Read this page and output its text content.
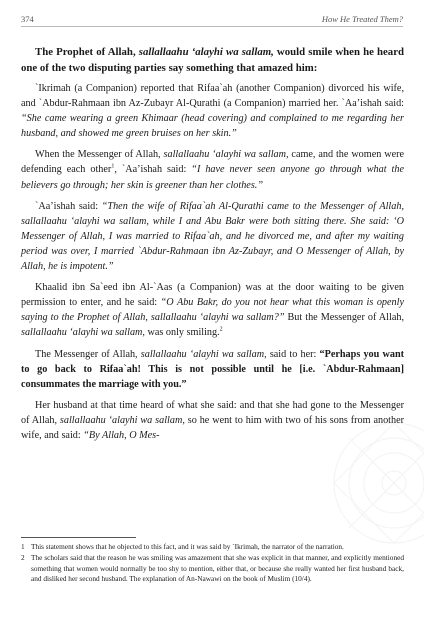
374	How He Treated Them?

The Prophet of Allah, sallallaahu ‘alayhi wa sallam, would smile when he heard one of the two disputing parties say something that amazed him:

`Ikrimah (a Companion) reported that Rifaa`ah (another Companion) divorced his wife, and `Abdur-Rahmaan ibn Az-Zubayr Al-Qurathi (a Companion) married her. `Aa’ishah said: “She came wearing a green Khimaar (head covering) and complained to me regarding her husband, and showed me green bruises on her skin.”

When the Messenger of Allah, sallallaahu ‘alayhi wa sallam, came, and the women were defending each other$^1$, `Aa’ishah said: “I have never seen anyone go through what the believers go through; her skin is greener than her clothes.”

`Aa’ishah said: “Then the wife of Rifaa`ah Al-Qurathi came to the Messenger of Allah, sallallaahu ‘alayhi wa sallam, while I and Abu Bakr were both sitting there. She said: ‘O Messenger of Allah, I was married to Rifaa`ah, and he divorced me, and after my waiting period was over, I married `Abdur-Rahmaan ibn Az-Zubayr, and O Messenger of Allah, by Allah, he is impotent.”

Khaalid ibn Sa`eed ibn Al-`Aas (a Companion) was at the door waiting to be given permission to enter, and he said: “O Abu Bakr, do you not hear what this woman is openly saying to the Prophet of Allah, sallallaahu ‘alayhi wa sallam?” But the Messenger of Allah, sallallaahu ‘alayhi wa sallam, was only smiling.$^2$

The Messenger of Allah, sallallaahu ‘alayhi wa sallam, said to her: “Perhaps you want to go back to Rifaa`ah! This is not possible until he [i.e. `Abdur-Rahmaan] consummates the marriage with you.”

Her husband at that time heard of what she said: and that she had gone to the Messenger of Allah, sallallaahu ‘alayhi wa sallam, so he went to him with two of his sons from another wife, and said: “By Allah, O Mes-

1 This statement shows that he objected to this fact, and it was said by `Ikrimah, the narrator of the narration.
2 The scholars said that the reason he was smiling was amazement that she was explicit in that manner, and explicitly mentioned something that women would normally be too shy to mention, either that, or because she really wanted her first husband back, and disliked her second husband. The explanation of An-Nawawi on the book of Muslim (10/4).
